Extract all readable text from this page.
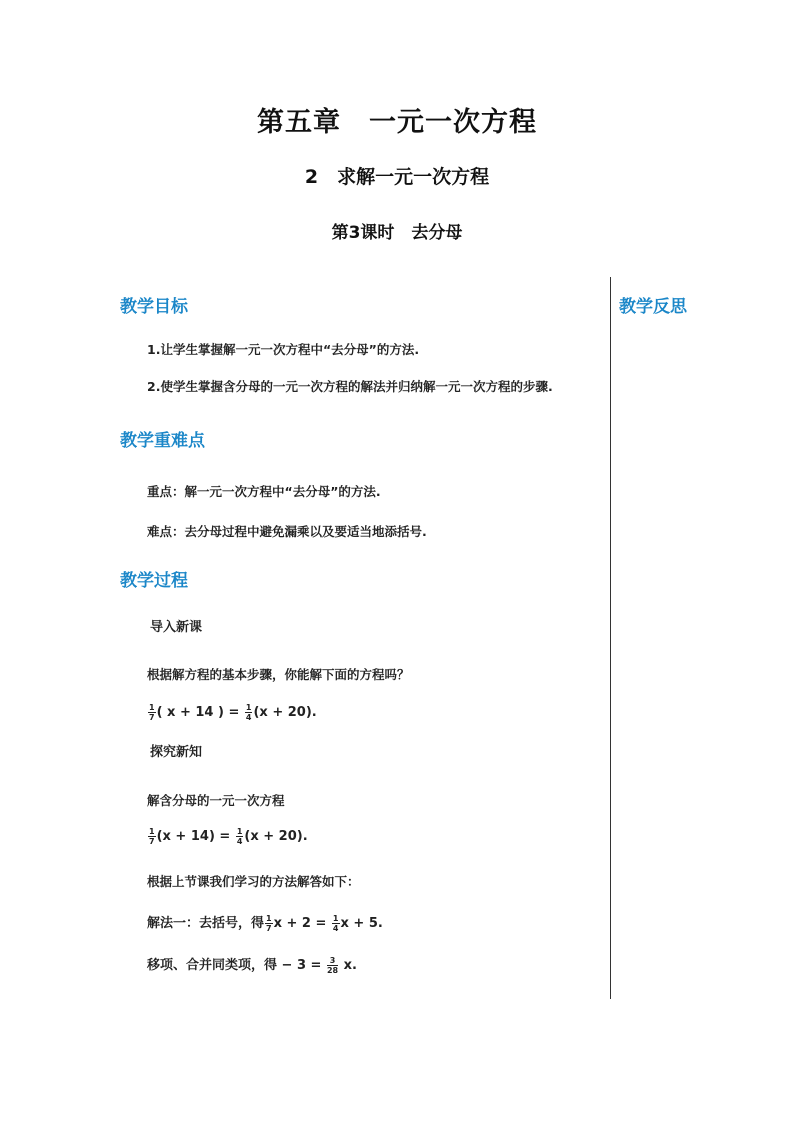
第五章　一元一次方程
2　求解一元一次方程
第3课时　去分母
教学反思
教学目标
1.让学生掌握解一元一次方程中“去分母”的方法.
2.使学生掌握含分母的一元一次方程的解法并归纳解一元一次方程的步骤.
教学重难点
重点：解一元一次方程中“去分母”的方法.
难点：去分母过程中避免漏乘以及要适当地添括号.
教学过程
导入新课
根据解方程的基本步骤，你能解下面的方程吗？
$\frac{1}{7}$ ( x + 14 ) = $\frac{1}{4} (x + 20)$.
探究新知
解含分母的一元一次方程
$\frac{1}{7} (x + 14) = \frac{1}{4} (x + 20)$.
根据上节课我们学习的方法解答如下：
解法一：去括号，得 $\frac{1}{7}$ $x + 2 = \frac{1}{4}$ x + 5.
移项、合并同类项，得 − $3 = \frac{3}{28} x$.
